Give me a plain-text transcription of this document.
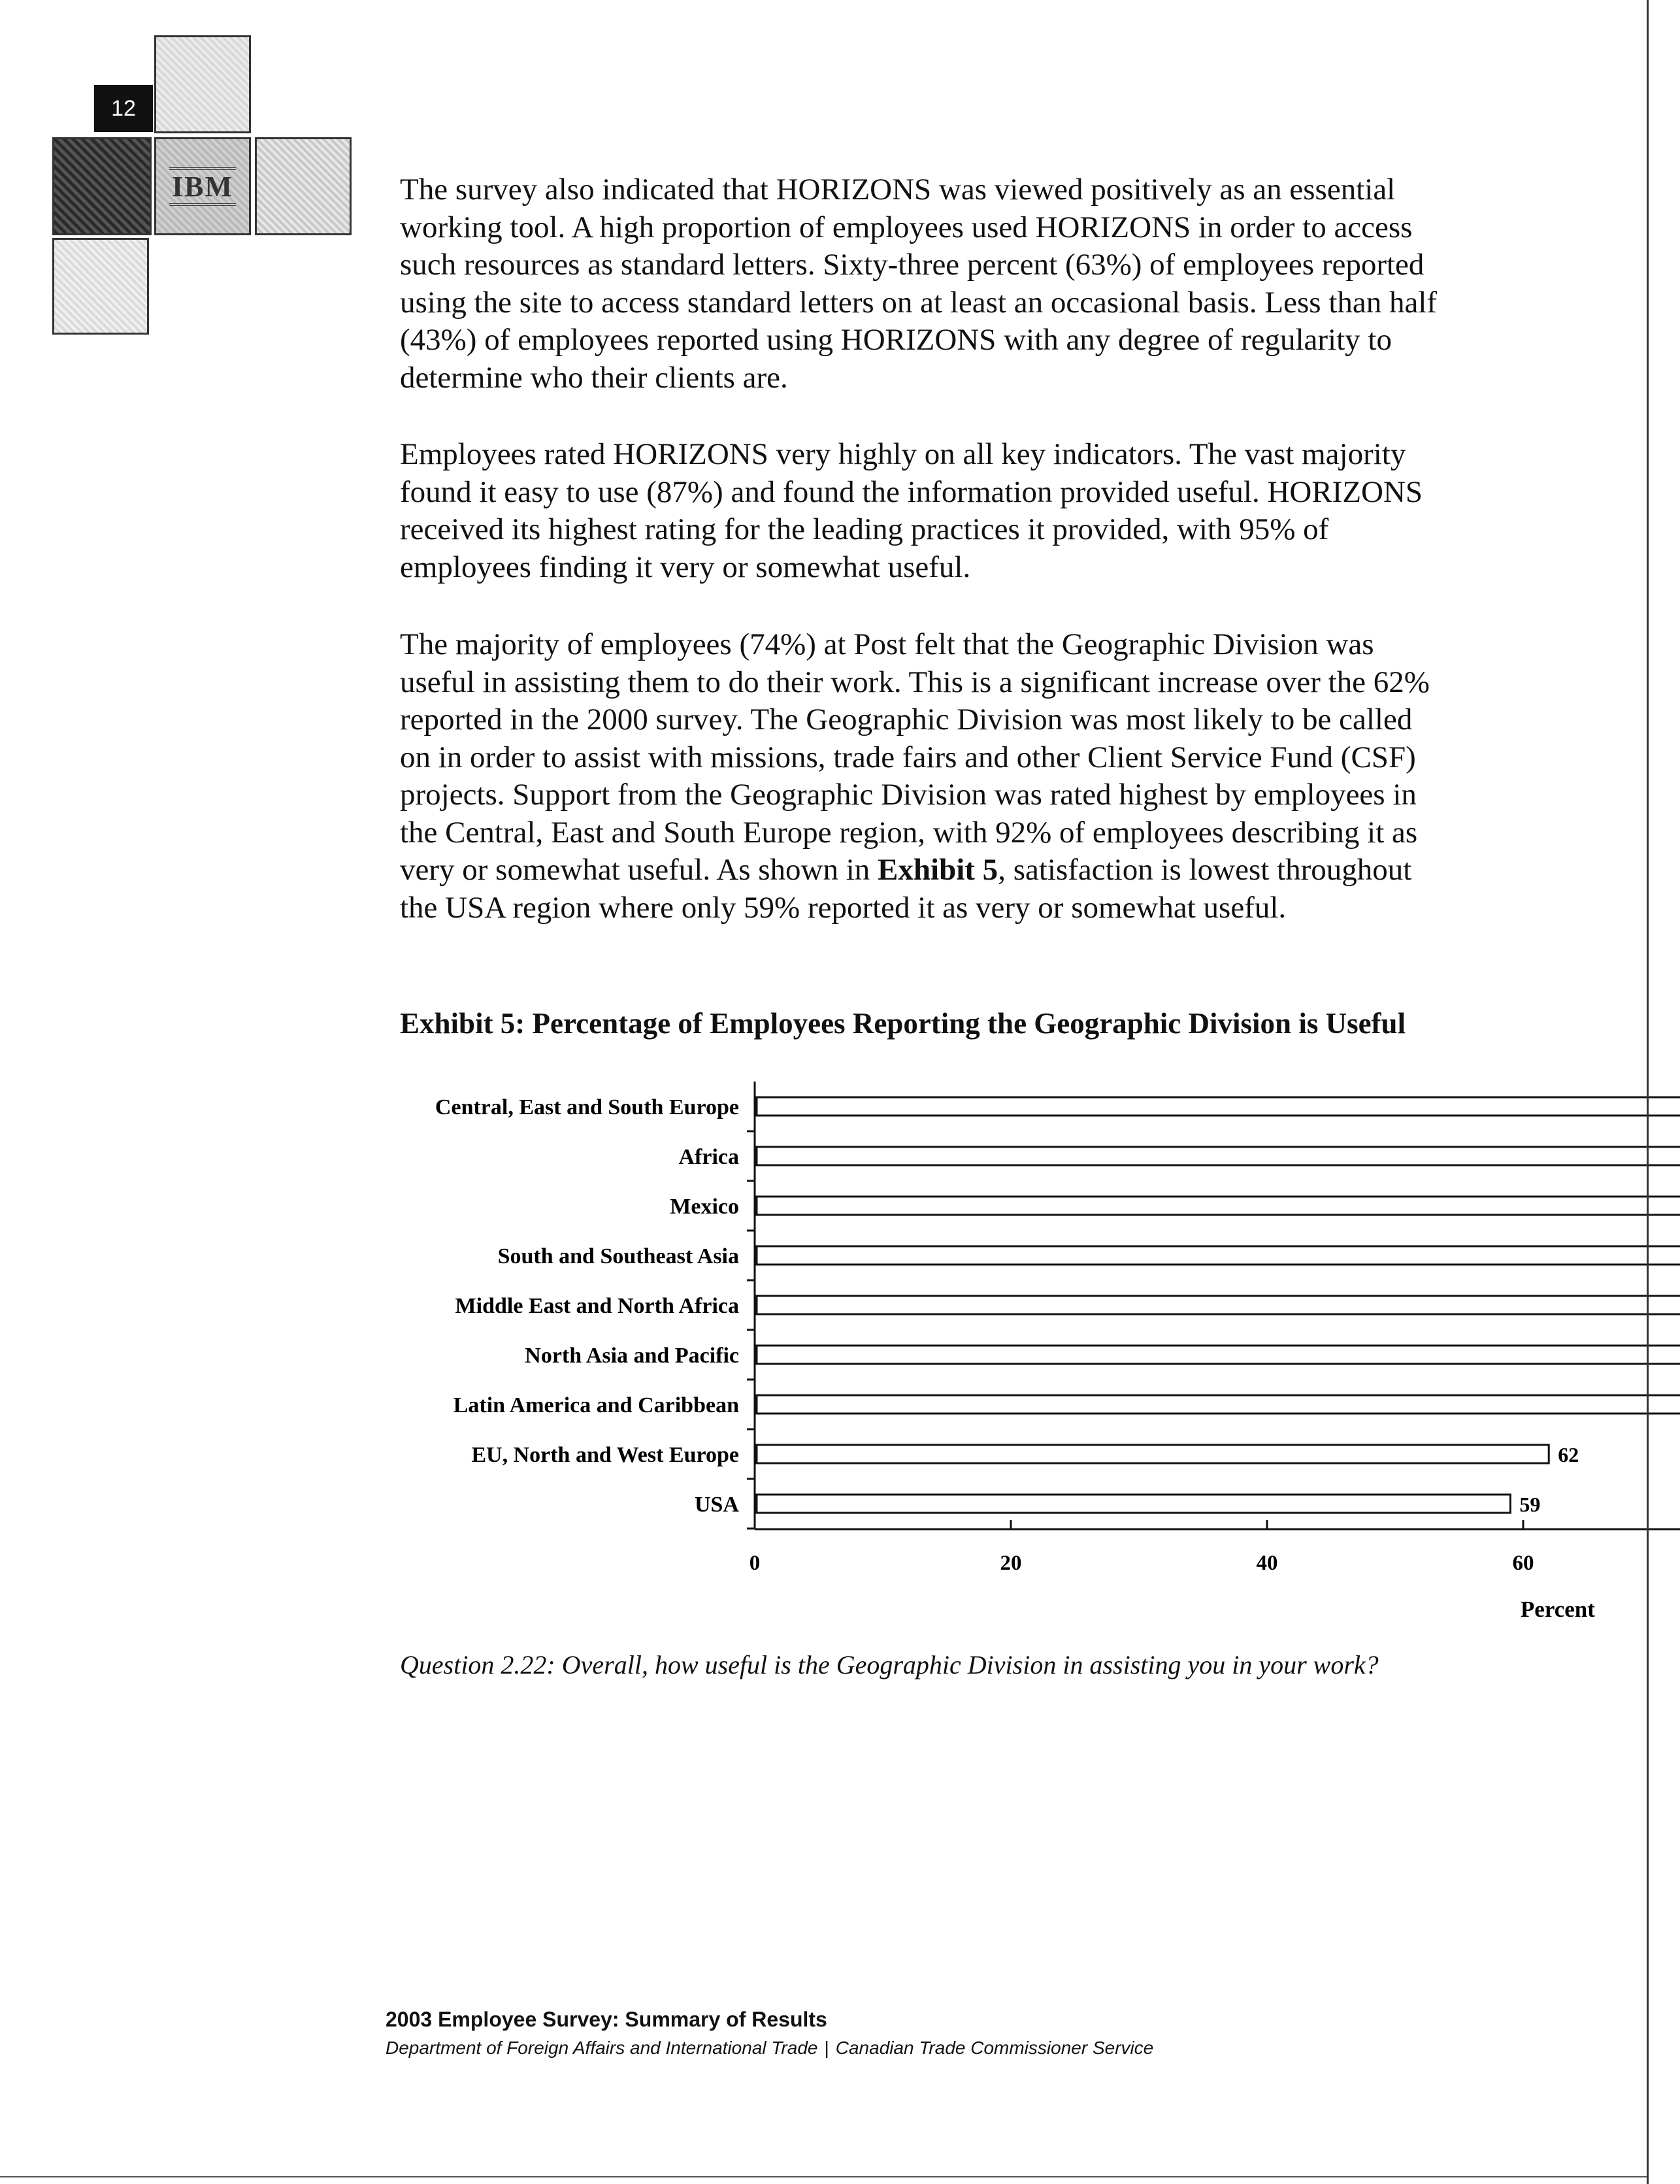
12
IBM	The survey also indicated that HORIZONS was viewed positively as an essential working tool. A high proportion of employees used HORIZONS in order to access such resources as standard letters. Sixty-three percent (63%) of employees reported using the site to access standard letters on at least an occasional basis. Less than half (43%) of employees reported using HORIZONS with any degree of regularity to determine who their clients are.

Employees rated HORIZONS very highly on all key indicators. The vast majority found it easy to use (87%) and found the information provided useful. HORIZONS received its highest rating for the leading practices it provided, with 95% of employees finding it very or somewhat useful.

The majority of employees (74%) at Post felt that the Geographic Division was useful in assisting them to do their work. This is a significant increase over the 62% reported in the 2000 survey. The Geographic Division was most likely to be called on in order to assist with missions, trade fairs and other Client Service Fund (CSF) projects. Support from the Geographic Division was rated highest by employees in the Central, East and South Europe region, with 92% of employees describing it as very or somewhat useful. As shown in Exhibit 5, satisfaction is lowest throughout the USA region where only 59% reported it as very or somewhat useful.

Exhibit 5: Percentage of Employees Reporting the Geographic Division is Useful
Central, East and South Europe
Africa
Mexico
South and Southeast Asia
Middle East and North Africa
North Asia and Pacific
Latin America and Caribbean
EU, North and West Europe	62
USA	59
0	20	40	60
Percent
Question 2.22: Overall, how useful is the Geographic Division in assisting you in your work?
2003 Employee Survey: Summary of Results
Department of Foreign Affairs and International Trade | Canadian Trade Commissioner Service
